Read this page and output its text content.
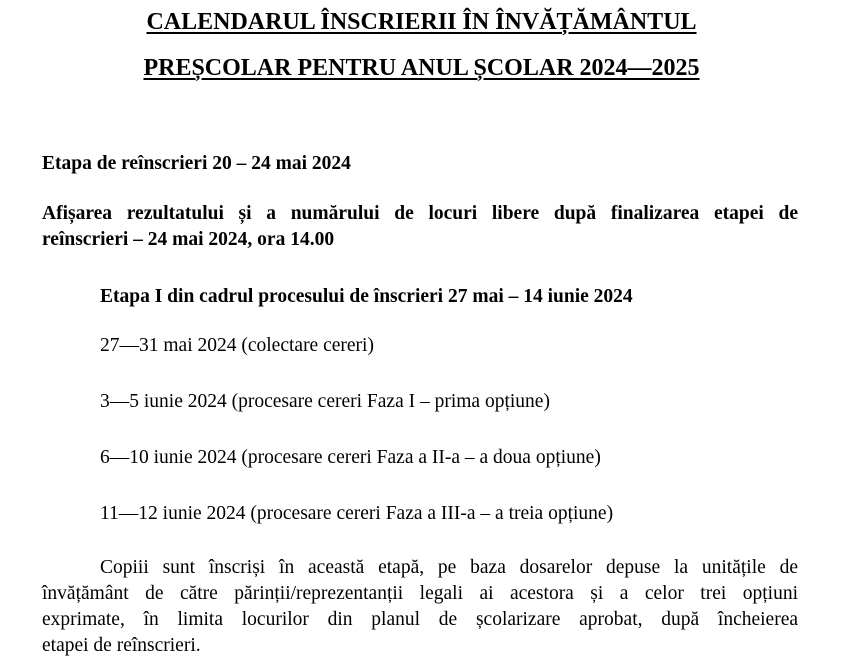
CALENDARUL ÎNSCRIERII ÎN ÎNVĂȚĂMÂNTUL
PREȘCOLAR PENTRU ANUL ȘCOLAR 2024—2025
Etapa de reînscrieri 20 – 24 mai 2024
Afișarea rezultatului și a numărului de locuri libere după finalizarea etapei de
reînscrieri – 24 mai 2024, ora 14.00
Etapa I din cadrul procesului de înscrieri 27 mai – 14 iunie 2024
27—31 mai 2024 (colectare cereri)
3—5 iunie 2024 (procesare cereri Faza I – prima opțiune)
6—10 iunie 2024 (procesare cereri Faza a II-a – a doua opțiune)
11—12 iunie 2024 (procesare cereri Faza a III-a – a treia opțiune)
Copiii sunt înscriși în această etapă, pe baza dosarelor depuse la unitățile de
învățământ de către părinții/reprezentanții legali ai acestora și a celor trei opțiuni
exprimate, în limita locurilor din planul de școlarizare aprobat, după încheierea
etapei de reînscrieri.
